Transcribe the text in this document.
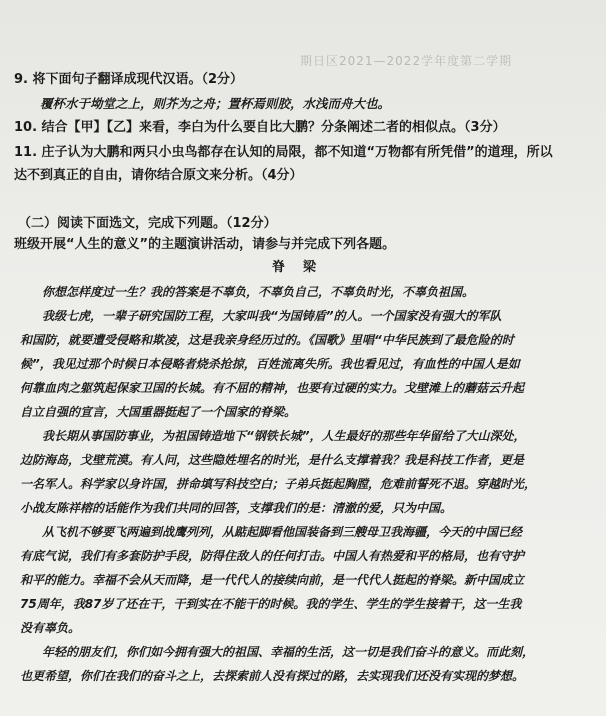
期日区2021—2022学年度第二学期
9. 将下面句子翻译成现代汉语。（2分）
覆杯水于坳堂之上，则芥为之舟；置杯焉则胶，水浅而舟大也。
10. 结合【甲】【乙】来看，李白为什么要自比大鹏？分条阐述二者的相似点。（3分）
11. 庄子认为大鹏和两只小虫鸟都存在认知的局限，都不知道“万物都有所凭借”的道理，所以
达不到真正的自由，请你结合原文来分析。（4分）
（二）阅读下面选文，完成下列题。（12分）
班级开展“人生的意义”的主题演讲活动，请参与并完成下列各题。
脊梁
你想怎样度过一生？我的答案是不辜负，不辜负自己，不辜负时光，不辜负祖国。
我级七虎，一辈子研究国防工程，大家叫我“为国铸盾”的人。一个国家没有强大的军队
和国防，就要遭受侵略和欺凌，这是我亲身经历过的。《国歌》里唱“中华民族到了最危险的时
候”，我见过那个时候日本侵略者烧杀抢掠，百姓流离失所。我也看见过，有血性的中国人是如
何靠血肉之躯筑起保家卫国的长城。有不屈的精神，也要有过硬的实力。戈壁滩上的蘑菇云升起
自立自强的宣言，大国重器挺起了一个国家的脊梁。
我长期从事国防事业，为祖国铸造地下“钢铁长城”，人生最好的那些年华留给了大山深处，
边防海岛，戈壁荒漠。有人问，这些隐姓埋名的时光，是什么支撑着我？我是科技工作者，更是
一名军人。科学家以身许国，拼命填写科技空白；子弟兵挺起胸膛，危难前誓死不退。穿越时光，
小战友陈祥榕的话能作为我们共同的回答，支撑我们的是：清澈的爱，只为中国。
从飞机不够要飞两遍到战鹰列列，从踮起脚看他国装备到三艘母卫我海疆，今天的中国已经
有底气说，我们有多套防护手段，防得住敌人的任何打击。中国人有热爱和平的格局，也有守护
和平的能力。幸福不会从天而降，是一代代人的接续向前，是一代代人挺起的脊梁。新中国成立
75周年，我87岁了还在干，干到实在不能干的时候。我的学生、学生的学生接着干，这一生我
没有辜负。
年轻的朋友们，你们如今拥有强大的祖国、幸福的生活，这一切是我们奋斗的意义。而此刻，
也更希望，你们在我们的奋斗之上，去探索前人没有探过的路，去实现我们还没有实现的梦想。
